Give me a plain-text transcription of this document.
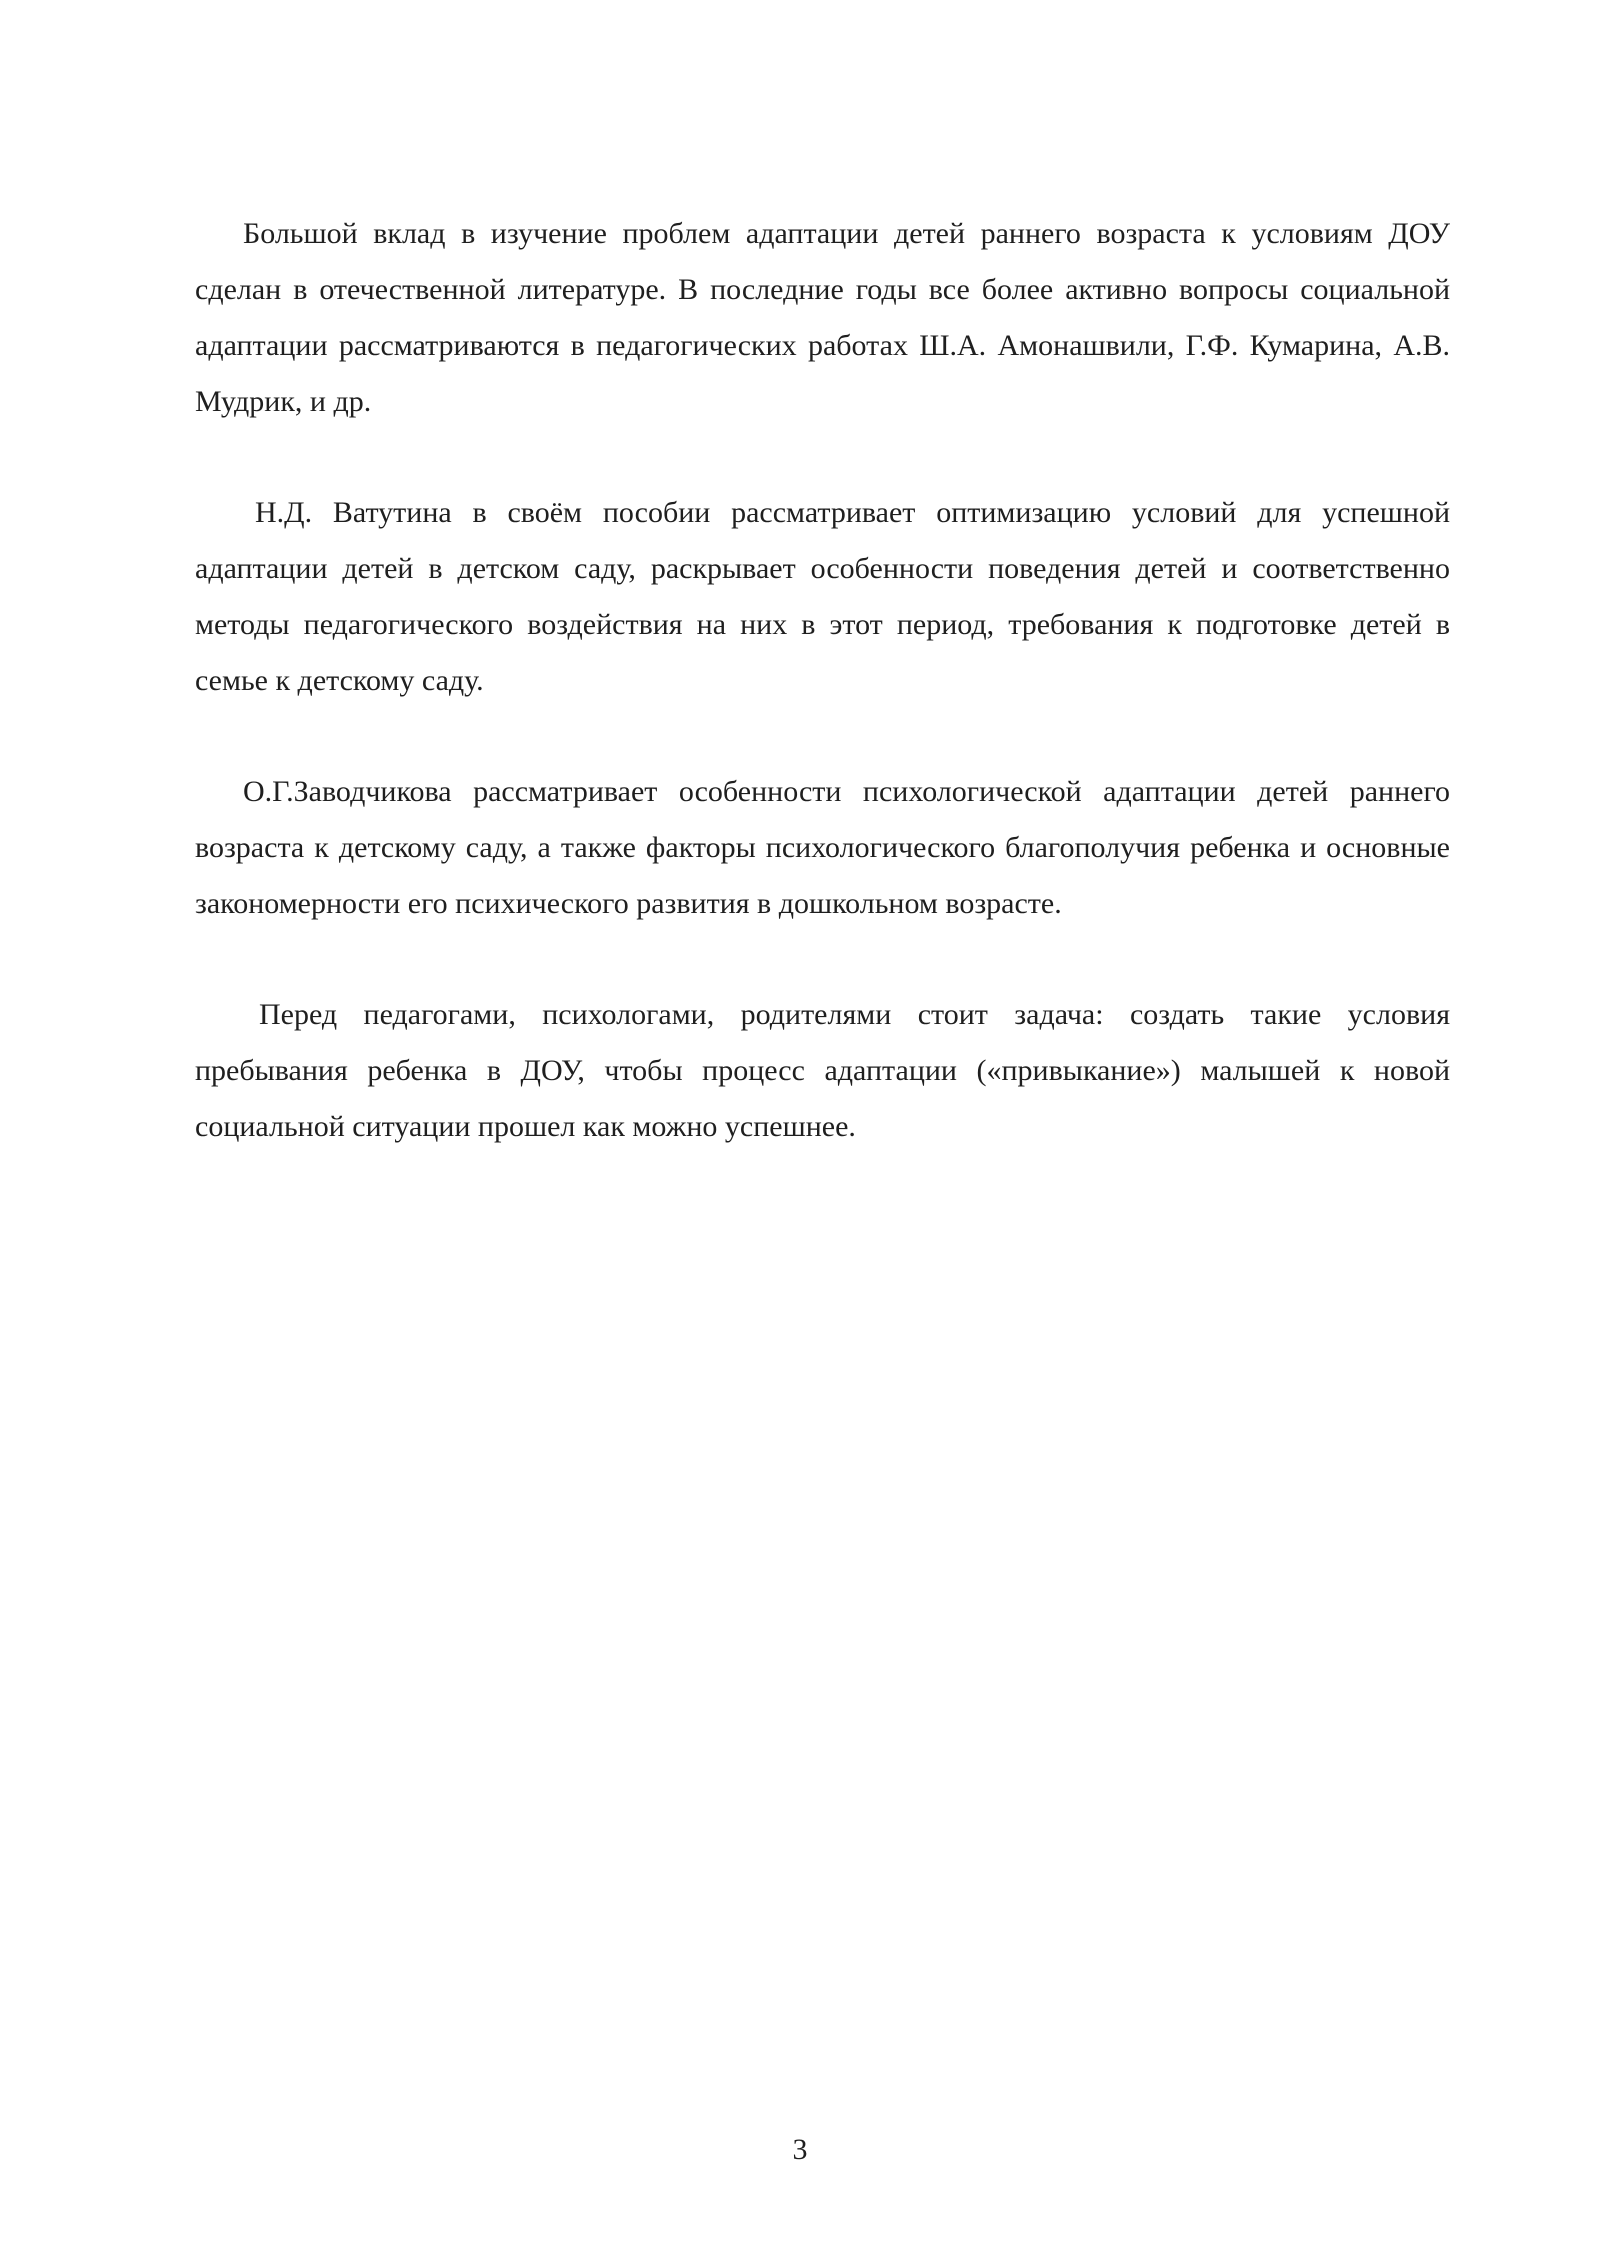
Большой вклад в изучение проблем адаптации детей раннего возраста к условиям ДОУ сделан в отечественной литературе. В последние годы все более активно вопросы социальной адаптации рассматриваются в педагогических работах Ш.А. Амонашвили, Г.Ф. Кумарина, А.В. Мудрик, и др.

Н.Д. Ватутина в своём пособии рассматривает оптимизацию условий для успешной адаптации детей в детском саду, раскрывает особенности поведения детей и соответственно методы педагогического воздействия на них в этот период, требования к подготовке детей в семье к детскому саду.

О.Г.Заводчикова рассматривает особенности психологической адаптации детей раннего возраста к детскому саду, а также факторы психологического благополучия ребенка и основные закономерности его психического развития в дошкольном возрасте.

Перед педагогами, психологами, родителями стоит задача: создать такие условия пребывания ребенка в ДОУ, чтобы процесс адаптации («привыкание») малышей к новой социальной ситуации прошел как можно успешнее.

3
